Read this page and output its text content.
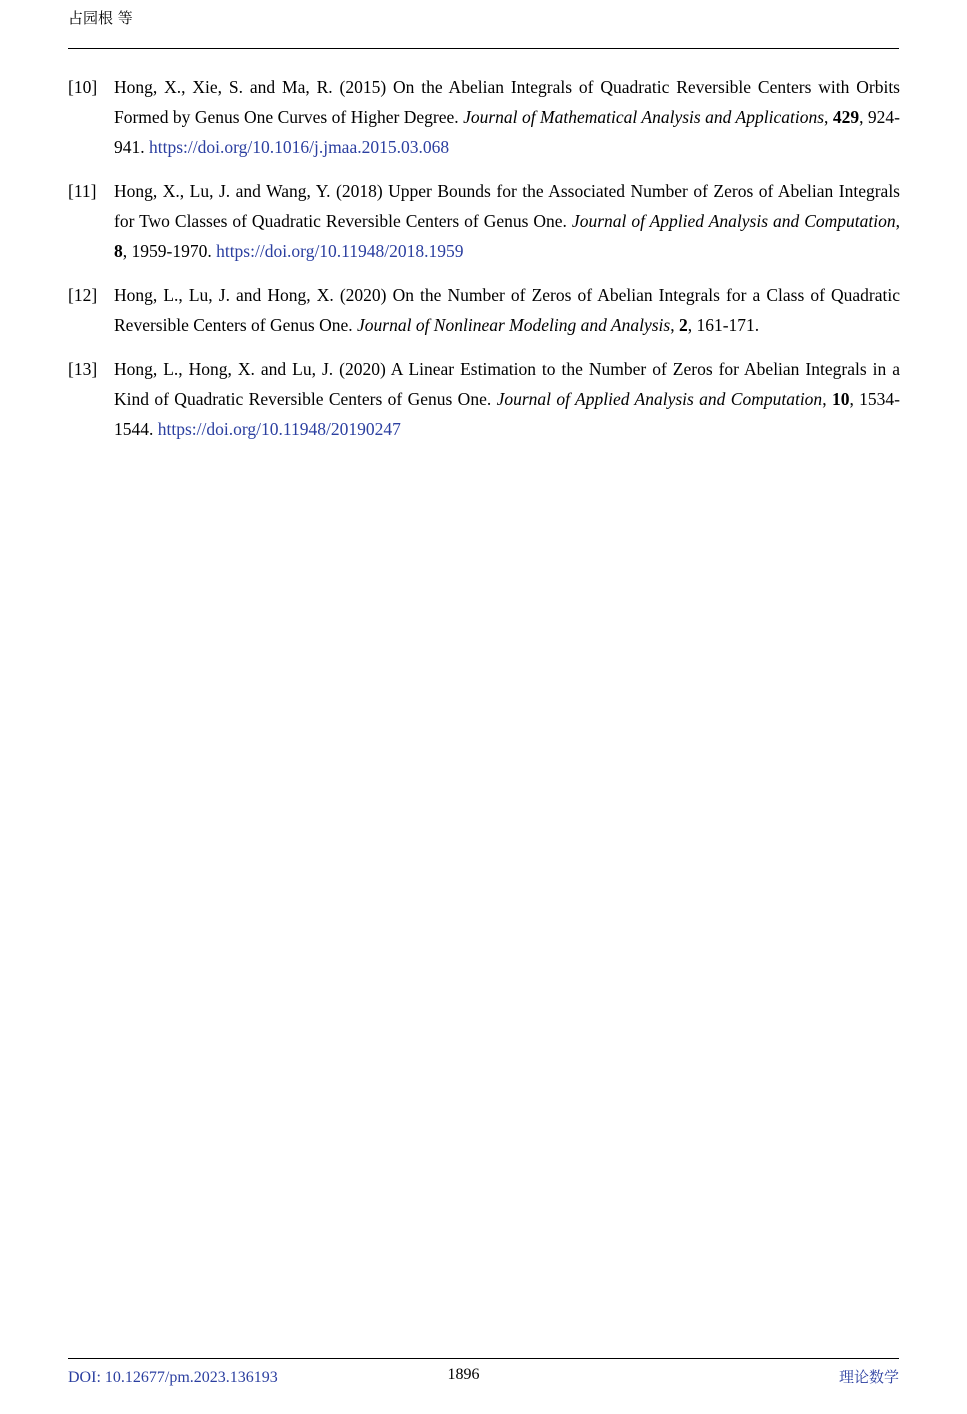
占园根 等
[10] Hong, X., Xie, S. and Ma, R. (2015) On the Abelian Integrals of Quadratic Reversible Centers with Orbits Formed by Genus One Curves of Higher Degree. Journal of Mathematical Analysis and Applications, 429, 924-941. https://doi.org/10.1016/j.jmaa.2015.03.068
[11] Hong, X., Lu, J. and Wang, Y. (2018) Upper Bounds for the Associated Number of Zeros of Abelian Integrals for Two Classes of Quadratic Reversible Centers of Genus One. Journal of Applied Analysis and Computation, 8, 1959-1970. https://doi.org/10.11948/2018.1959
[12] Hong, L., Lu, J. and Hong, X. (2020) On the Number of Zeros of Abelian Integrals for a Class of Quadratic Reversible Centers of Genus One. Journal of Nonlinear Modeling and Analysis, 2, 161-171.
[13] Hong, L., Hong, X. and Lu, J. (2020) A Linear Estimation to the Number of Zeros for Abelian Integrals in a Kind of Quadratic Reversible Centers of Genus One. Journal of Applied Analysis and Computation, 10, 1534-1544. https://doi.org/10.11948/20190247
DOI: 10.12677/pm.2023.136193	1896	理论数学
